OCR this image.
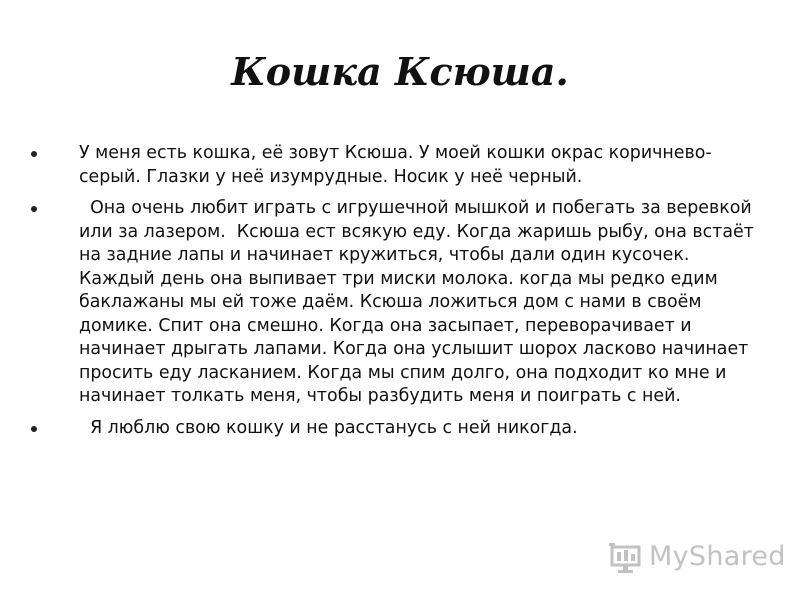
Кошка Ксюша.
У меня есть кошка, её зовут Ксюша. У моей кошки окрас коричнево-серый. Глазки у неё изумрудные. Носик у неё черный.
Она очень любит играть с игрушечной мышкой и побегать за веревкой или за лазером.  Ксюша ест всякую еду. Когда жаришь рыбу, она встаёт на задние лапы и начинает кружиться, чтобы дали один кусочек. Каждый день она выпивает три миски молока. когда мы редко едим баклажаны мы ей тоже даём. Ксюша ложиться дом с нами в своём домике. Спит она смешно. Когда она засыпает, переворачивает и начинает дрыгать лапами. Когда она услышит шорох ласково начинает просить еду ласканием. Когда мы спим долго, она подходит ко мне и начинает толкать меня, чтобы разбудить меня и поиграть с ней.
Я люблю свою кошку и не расстанусь с ней никогда.
MyShared
